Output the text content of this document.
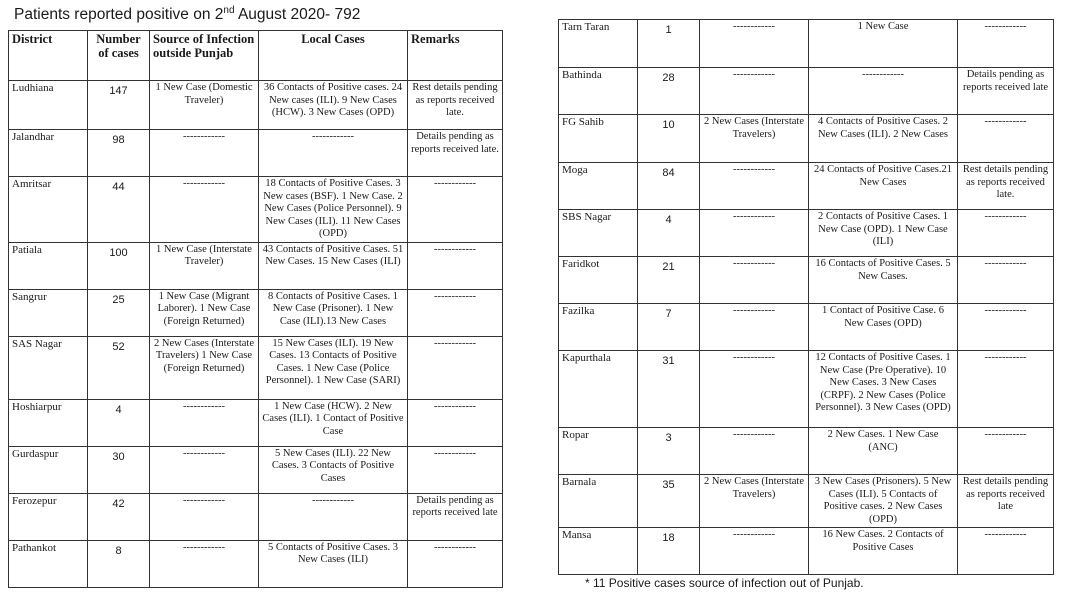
Patients reported positive on 2nd August 2020- 792
District	Number of cases	Source of Infection outside Punjab	Local Cases	Remarks
Ludhiana	147	1 New Case (Domestic Traveler)	36 Contacts of Positive cases. 24 New cases (ILI). 9 New Cases (HCW). 3 New Cases (OPD)	Rest details pending as reports received late.
Jalandhar	98	------------	------------	Details pending as reports received late.
Amritsar	44	------------	18 Contacts of Positive Cases. 3 New cases (BSF). 1 New Case. 2 New Cases (Police Personnel). 9 New Cases (ILI). 11 New Cases (OPD)	------------
Patiala	100	1 New Case (Interstate Traveler)	43 Contacts of Positive Cases. 51 New Cases. 15 New Cases (ILI)	------------
Sangrur	25	1 New Case (Migrant Laborer). 1 New Case (Foreign Returned)	8 Contacts of Positive Cases. 1 New Case (Prisoner). 1 New Case (ILI).13 New Cases	------------
SAS Nagar	52	2 New Cases (Interstate Travelers) 1 New Case (Foreign Returned)	15 New Cases (ILI). 19 New Cases. 13 Contacts of Positive Cases. 1 New Case (Police Personnel). 1 New Case (SARI)	------------
Hoshiarpur	4	------------	1 New Case (HCW). 2 New Cases (ILI). 1 Contact of Positive Case	------------
Gurdaspur	30	------------	5 New Cases (ILI). 22 New Cases. 3 Contacts of Positive Cases	------------
Ferozepur	42	------------	------------	Details pending as reports received late
Pathankot	8	------------	5 Contacts of Positive Cases. 3 New Cases (ILI)	------------
Tarn Taran	1	------------	1 New Case	------------
Bathinda	28	------------	------------	Details pending as reports received late
FG Sahib	10	2 New Cases (Interstate Travelers)	4 Contacts of Positive Cases. 2 New Cases (ILI). 2 New Cases	------------
Moga	84	------------	24 Contacts of Positive Cases.21 New Cases	Rest details pending as reports received late.
SBS Nagar	4	------------	2 Contacts of Positive Cases. 1 New Case (OPD). 1 New Case (ILI)	------------
Faridkot	21	------------	16 Contacts of Positive Cases. 5 New Cases.	------------
Fazilka	7	------------	1 Contact of Positive Case. 6 New Cases (OPD)	------------
Kapurthala	31	------------	12 Contacts of Positive Cases. 1 New Case (Pre Operative). 10 New Cases. 3 New Cases (CRPF). 2 New Cases (Police Personnel). 3 New Cases (OPD)	------------
Ropar	3	------------	2 New Cases. 1 New Case (ANC)	------------
Barnala	35	2 New Cases (Interstate Travelers)	3 New Cases (Prisoners). 5 New Cases (ILI). 5 Contacts of Positive cases. 2 New Cases (OPD)	Rest details pending as reports received late
Mansa	18	------------	16 New Cases. 2 Contacts of Positive Cases	------------
* 11 Positive cases source of infection out of Punjab.
